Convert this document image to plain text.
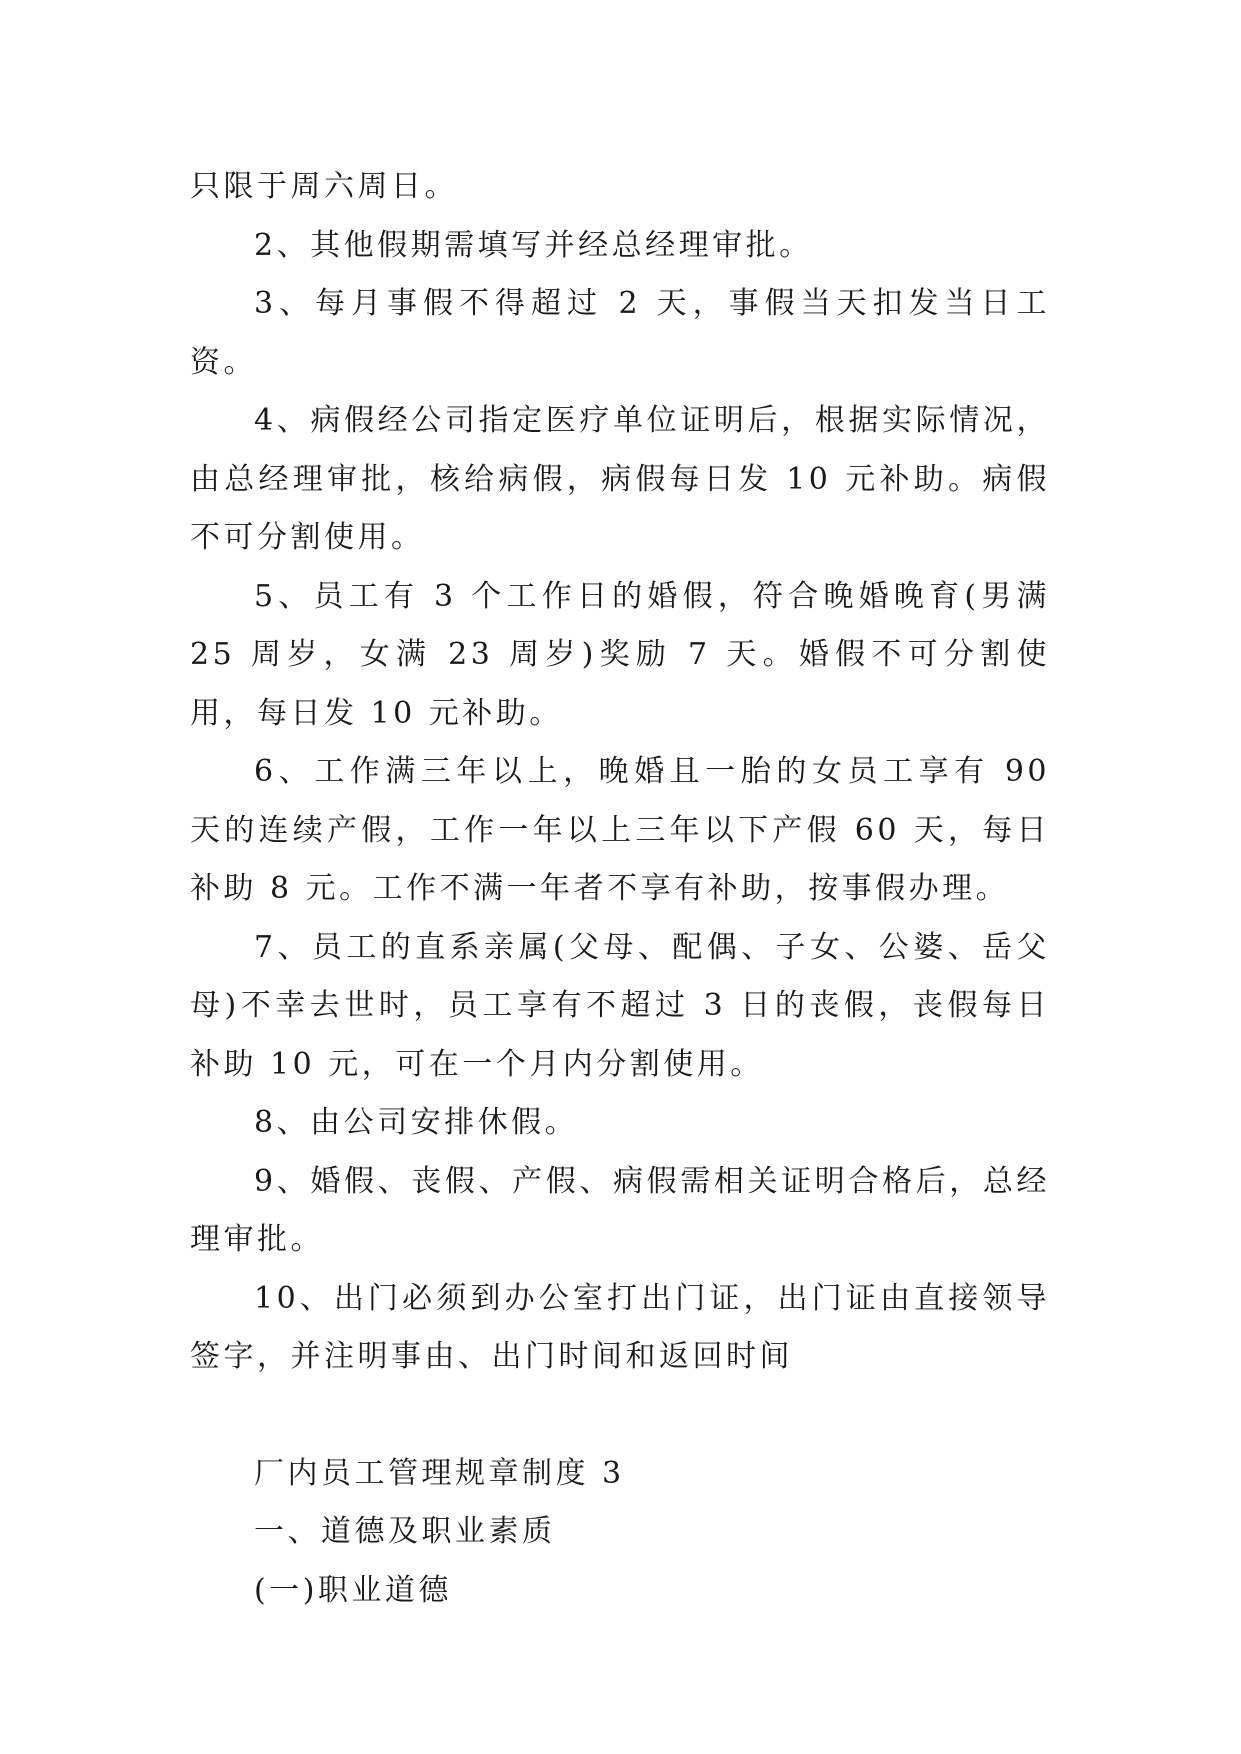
只限于周六周日。

2、其他假期需填写并经总经理审批。

3、每月事假不得超过 2 天，事假当天扣发当日工资。

4、病假经公司指定医疗单位证明后，根据实际情况，由总经理审批，核给病假，病假每日发 10 元补助。病假不可分割使用。

5、员工有 3 个工作日的婚假，符合晚婚晚育(男满 25 周岁，女满 23 周岁)奖励 7 天。婚假不可分割使用，每日发 10 元补助。

6、工作满三年以上，晚婚且一胎的女员工享有 90 天的连续产假，工作一年以上三年以下产假 60 天，每日补助 8 元。工作不满一年者不享有补助，按事假办理。

7、员工的直系亲属(父母、配偶、子女、公婆、岳父母)不幸去世时，员工享有不超过 3 日的丧假，丧假每日补助 10 元，可在一个月内分割使用。

8、由公司安排休假。

9、婚假、丧假、产假、病假需相关证明合格后，总经理审批。

10、出门必须到办公室打出门证，出门证由直接领导签字，并注明事由、出门时间和返回时间

厂内员工管理规章制度 3

一、道德及职业素质

(一)职业道德
